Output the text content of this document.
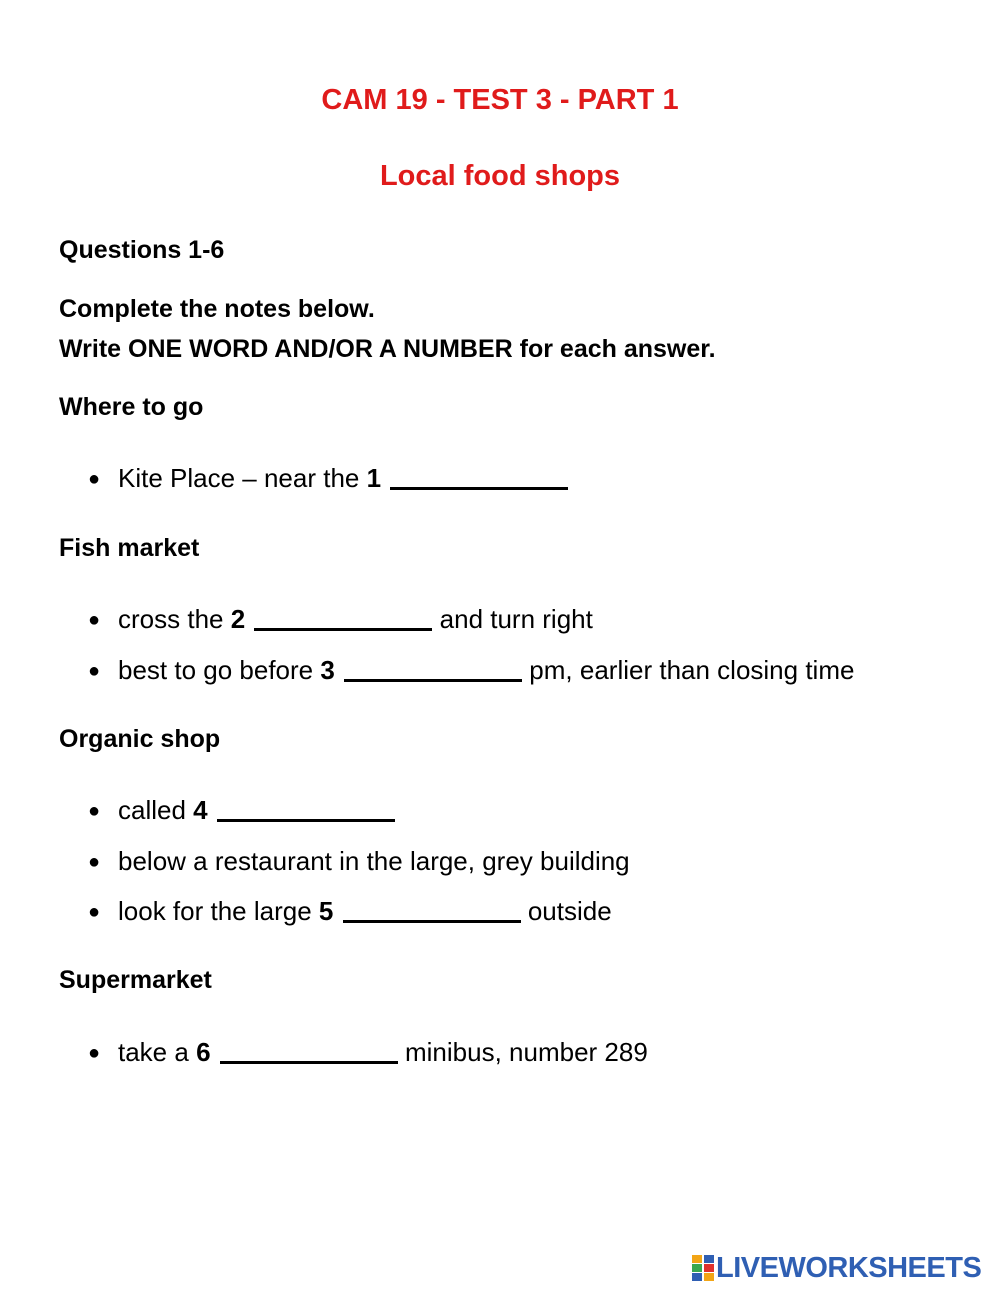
CAM 19 - TEST 3 - PART 1
Local food shops

Questions 1-6

Complete the notes below.
Write ONE WORD AND/OR A NUMBER for each answer.

Where to go

● Kite Place – near the 1

Fish market

● cross the 2	and turn right
● best to go before 3	pm, earlier than closing time

Organic shop

● called 4
● below a restaurant in the large, grey building
● look for the large 5	outside

Supermarket

● take a 6	minibus, number 289
LIVEWORKSHEETS
